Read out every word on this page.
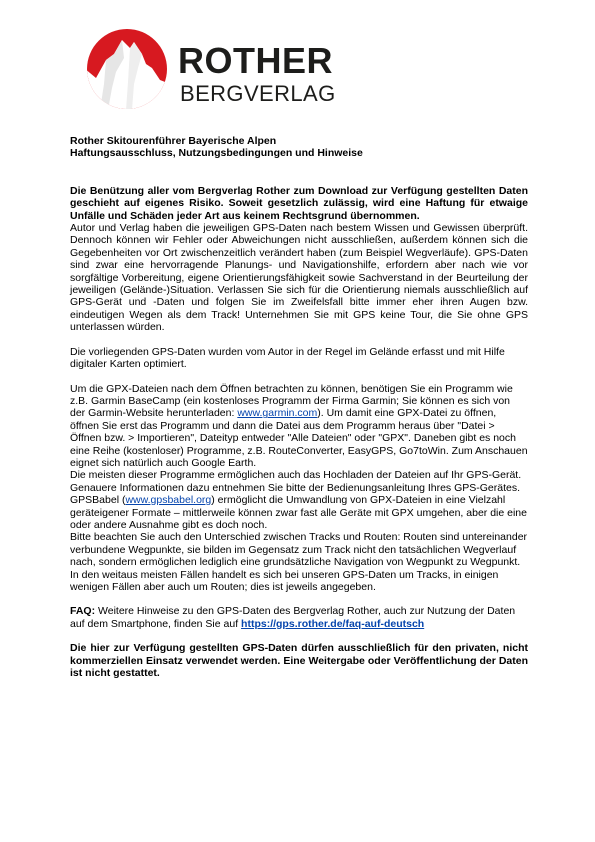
ROTHER
BERGVERLAG

Rother Skitourenführer Bayerische Alpen

Haftungsausschluss, Nutzungsbedingungen und Hinweise

Die Benützung aller vom Bergverlag Rother zum Download zur Verfügung gestellten Daten geschieht auf eigenes Risiko. Soweit gesetzlich zulässig, wird eine Haftung für etwaige Unfälle und Schäden jeder Art aus keinem Rechtsgrund übernommen.

Autor und Verlag haben die jeweiligen GPS-Daten nach bestem Wissen und Gewissen überprüft. Dennoch können wir Fehler oder Abweichungen nicht ausschließen, außerdem können sich die Gegebenheiten vor Ort zwischenzeitlich verändert haben (zum Beispiel Wegverläufe). GPS-Daten sind zwar eine hervorragende Planungs- und Navigationshilfe, erfordern aber nach wie vor sorgfältige Vorbereitung, eigene Orientierungsfähigkeit sowie Sachverstand in der Beurteilung der jeweiligen (Gelände-)Situation. Verlassen Sie sich für die Orientierung niemals ausschließlich auf GPS-Gerät und -Daten und folgen Sie im Zweifelsfall bitte immer eher ihren Augen bzw. eindeutigen Wegen als dem Track! Unternehmen Sie mit GPS keine Tour, die Sie ohne GPS unterlassen würden.

Die vorliegenden GPS-Daten wurden vom Autor in der Regel im Gelände erfasst und mit Hilfe digitaler Karten optimiert.

Um die GPX-Dateien nach dem Öffnen betrachten zu können, benötigen Sie ein Programm wie z.B. Garmin BaseCamp (ein kostenloses Programm der Firma Garmin; Sie können es sich von der Garmin-Website herunterladen: www.garmin.com). Um damit eine GPX-Datei zu öffnen, öffnen Sie erst das Programm und dann die Datei aus dem Programm heraus über "Datei > Öffnen bzw. > Importieren", Dateityp entweder "Alle Dateien" oder "GPX". Daneben gibt es noch eine Reihe (kostenloser) Programme, z.B. RouteConverter, EasyGPS, Go7toWin. Zum Anschauen eignet sich natürlich auch Google Earth.

Die meisten dieser Programme ermöglichen auch das Hochladen der Dateien auf Ihr GPS-Gerät. Genauere Informationen dazu entnehmen Sie bitte der Bedienungsanleitung Ihres GPS-Gerätes.

GPSBabel (www.gpsbabel.org) ermöglicht die Umwandlung von GPX-Dateien in eine Vielzahl geräteigener Formate – mittlerweile können zwar fast alle Geräte mit GPX umgehen, aber die eine oder andere Ausnahme gibt es doch noch.

Bitte beachten Sie auch den Unterschied zwischen Tracks und Routen: Routen sind untereinander verbundene Wegpunkte, sie bilden im Gegensatz zum Track nicht den tatsächlichen Wegverlauf nach, sondern ermöglichen lediglich eine grundsätzliche Navigation von Wegpunkt zu Wegpunkt. In den weitaus meisten Fällen handelt es sich bei unseren GPS-Daten um Tracks, in einigen wenigen Fällen aber auch um Routen; dies ist jeweils angegeben.

FAQ: Weitere Hinweise zu den GPS-Daten des Bergverlag Rother, auch zur Nutzung der Daten auf dem Smartphone, finden Sie auf https://gps.rother.de/faq-auf-deutsch

Die hier zur Verfügung gestellten GPS-Daten dürfen ausschließlich für den privaten, nicht kommerziellen Einsatz verwendet werden. Eine Weitergabe oder Veröffentlichung der Daten ist nicht gestattet.
